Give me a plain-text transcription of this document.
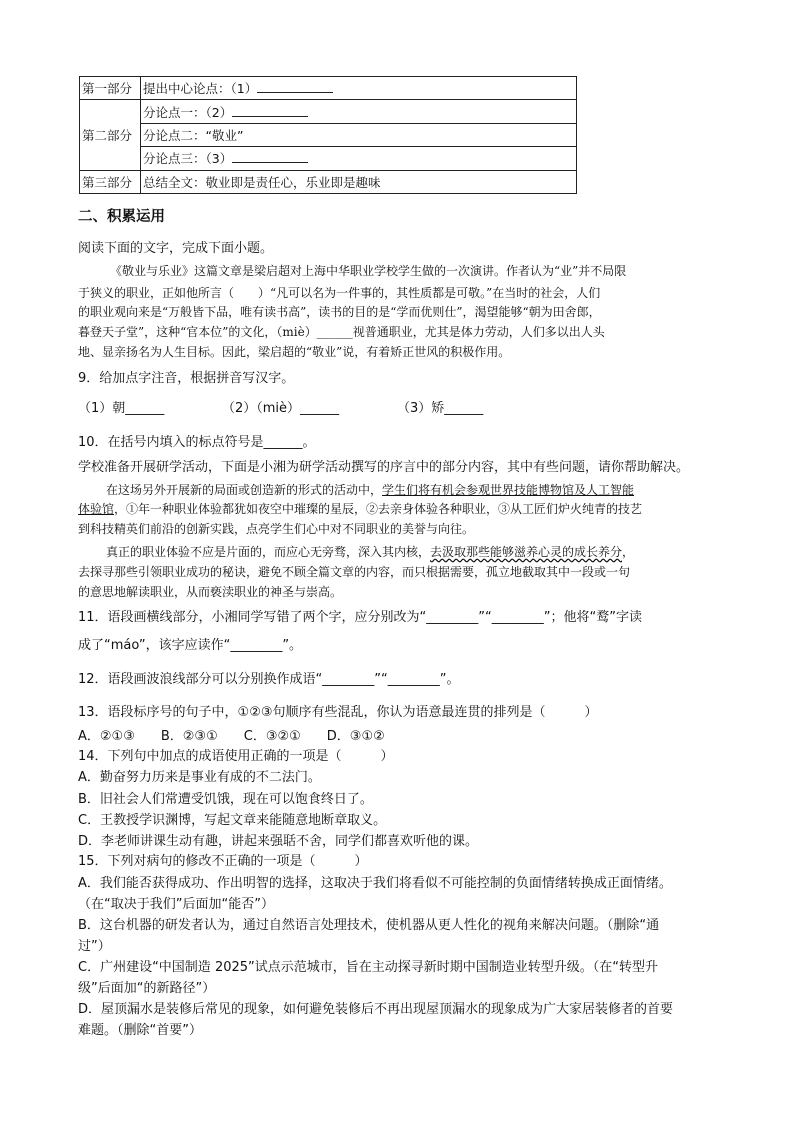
第一部分	提出中心论点：（1）
第二部分	分论点一：（2）
	分论点二：“敬业”
	分论点三：（3）
第三部分	总结全文：敬业即是责任心，乐业即是趣味
二、积累运用
阅读下面的文字，完成下面小题。
《敬业与乐业》这篇文章是梁启超对上海中华职业学校学生做的一次演讲。作者认为“业”并不局限
于狭义的职业，正如他所言（　　）“凡可以名为一件事的，其性质都是可敬。”在当时的社会，人们
的职业观向来是“万般皆下品，唯有读书高”，读书的目的是“学而优则仕”，渴望能够“朝为田舍郎，
暮登天子堂”，这种“官本位”的文化，（miè）______视普通职业，尤其是体力劳动，人们多以出人头
地、显亲扬名为人生目标。因此，梁启超的“敬业”说，有着矫正世风的积极作用。
9．给加点字注音，根据拼音写汉字。
（1）朝______	（2）（miè）______	（3）矫______
10．在括号内填入的标点符号是______。
学校准备开展研学活动，下面是小湘为研学活动撰写的序言中的部分内容，其中有些问题，请你帮助解决。
在这场另外开展新的局面或创造新的形式的活动中，学生们将有机会参观世界技能博物馆及人工智能
体验馆，①年一种职业体验都犹如夜空中璀璨的星辰，②去亲身体验各种职业，③从工匠们炉火纯青的技艺
到科技精英们前沿的创新实践，点亮学生们心中对不同职业的美誉与向往。
真正的职业体验不应是片面的，而应心无旁骛，深入其内核，去汲取那些能够滋养心灵的成长养分，
去探寻那些引领职业成功的秘诀，避免不顾全篇文章的内容，而只根据需要，孤立地截取其中一段或一句
的意思地解读职业，从而亵渎职业的神圣与崇高。
11．语段画横线部分，小湘同学写错了两个字，应分别改为“________”“________”；他将“鹜”字读
成了“máo”，该字应读作“________”。
12．语段画波浪线部分可以分别换作成语“________”“________”。
13．语段标序号的句子中，①②③句顺序有些混乱，你认为语意最连贯的排列是（　　　）
A．②①③　　B．②③①　　C．③②①　　D．③①②
14．下列句中加点的成语使用正确的一项是（　　　）
A．勤奋努力历来是事业有成的不二法门。
B．旧社会人们常遭受饥饿，现在可以饱食终日了。
C．王教授学识渊博，写起文章来能随意地断章取义。
D．李老师讲课生动有趣，讲起来强聒不舍，同学们都喜欢听他的课。
15．下列对病句的修改不正确的一项是（　　　）
A．我们能否获得成功、作出明智的选择，这取决于我们将看似不可能控制的负面情绪转换成正面情绪。
（在“取决于我们”后面加“能否”）
B．这台机器的研发者认为，通过自然语言处理技术，使机器从更人性化的视角来解决问题。（删除“通
过”）
C．广州建设“中国制造 2025”试点示范城市，旨在主动探寻新时期中国制造业转型升级。（在“转型升
级”后面加“的新路径”）
D．屋顶漏水是装修后常见的现象，如何避免装修后不再出现屋顶漏水的现象成为广大家居装修者的首要
难题。（删除“首要”）
